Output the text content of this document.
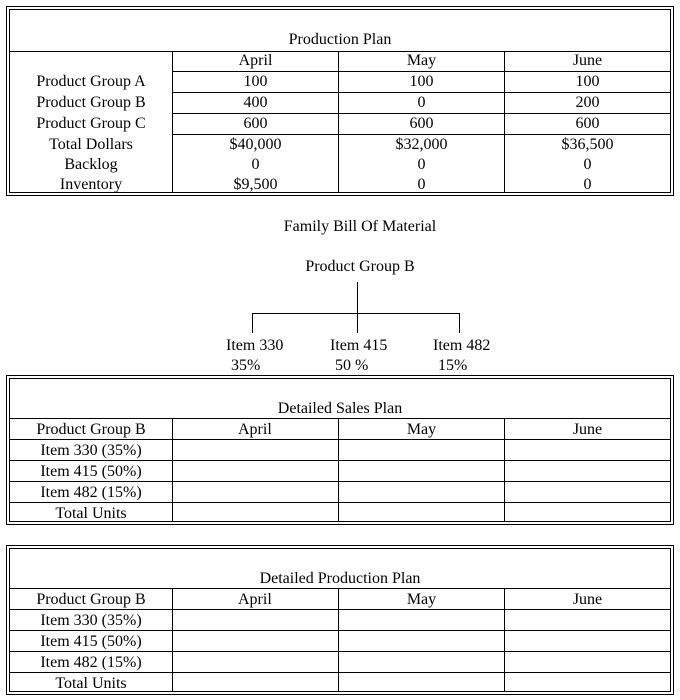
Production Plan
April	May	June
Product Group A	100	100	100
Product Group B	400	0	200
Product Group C	600	600	600
Total Dollars	$40,000	$32,000	$36,500
Backlog	0	0	0
Inventory	$9,500	0	0
Family Bill Of Material
Product Group B
Item 330
35%
Item 415
50 %
Item 482
15%
Detailed Sales Plan
Product Group B	April	May	June
Item 330 (35%)
Item 415 (50%)
Item 482 (15%)
Total Units
Detailed Production Plan
Product Group B	April	May	June
Item 330 (35%)
Item 415 (50%)
Item 482 (15%)
Total Units
